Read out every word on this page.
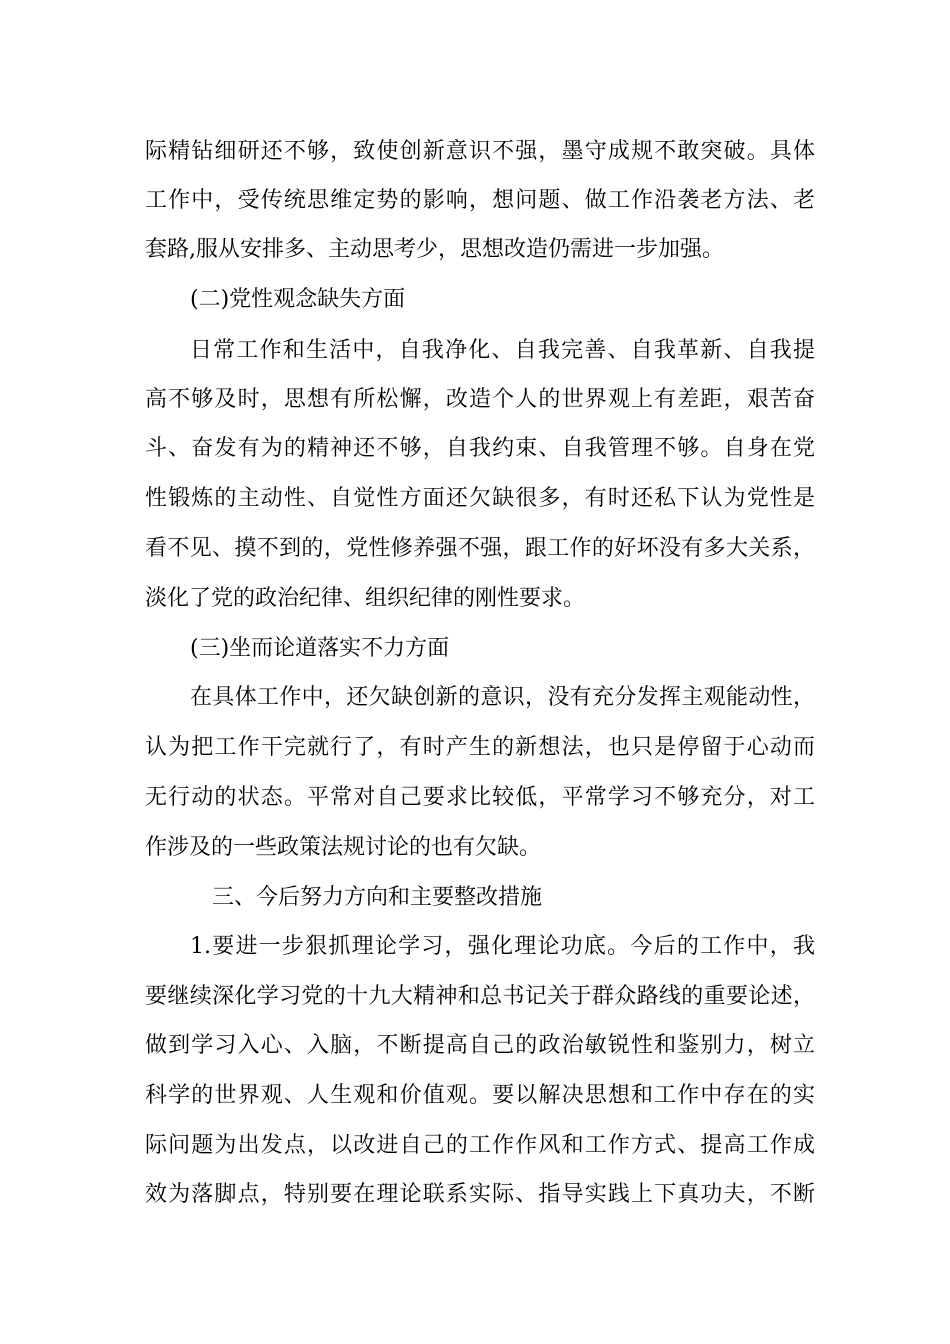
际精钻细研还不够，致使创新意识不强，墨守成规不敢突破。具体
工作中，受传统思维定势的影响，想问题、做工作沿袭老方法、老
套路,服从安排多、主动思考少，思想改造仍需进一步加强。
(二)党性观念缺失方面
日常工作和生活中，自我净化、自我完善、自我革新、自我提
高不够及时，思想有所松懈，改造个人的世界观上有差距，艰苦奋
斗、奋发有为的精神还不够，自我约束、自我管理不够。自身在党
性锻炼的主动性、自觉性方面还欠缺很多，有时还私下认为党性是
看不见、摸不到的，党性修养强不强，跟工作的好坏没有多大关系，
淡化了党的政治纪律、组织纪律的刚性要求。
(三)坐而论道落实不力方面
在具体工作中，还欠缺创新的意识，没有充分发挥主观能动性，
认为把工作干完就行了，有时产生的新想法，也只是停留于心动而
无行动的状态。平常对自己要求比较低，平常学习不够充分，对工
作涉及的一些政策法规讨论的也有欠缺。
三、今后努力方向和主要整改措施
1.要进一步狠抓理论学习，强化理论功底。今后的工作中，我
要继续深化学习党的十九大精神和总书记关于群众路线的重要论述，
做到学习入心、入脑，不断提高自己的政治敏锐性和鉴别力，树立
科学的世界观、人生观和价值观。要以解决思想和工作中存在的实
际问题为出发点，以改进自己的工作作风和工作方式、提高工作成
效为落脚点，特别要在理论联系实际、指导实践上下真功夫，不断
